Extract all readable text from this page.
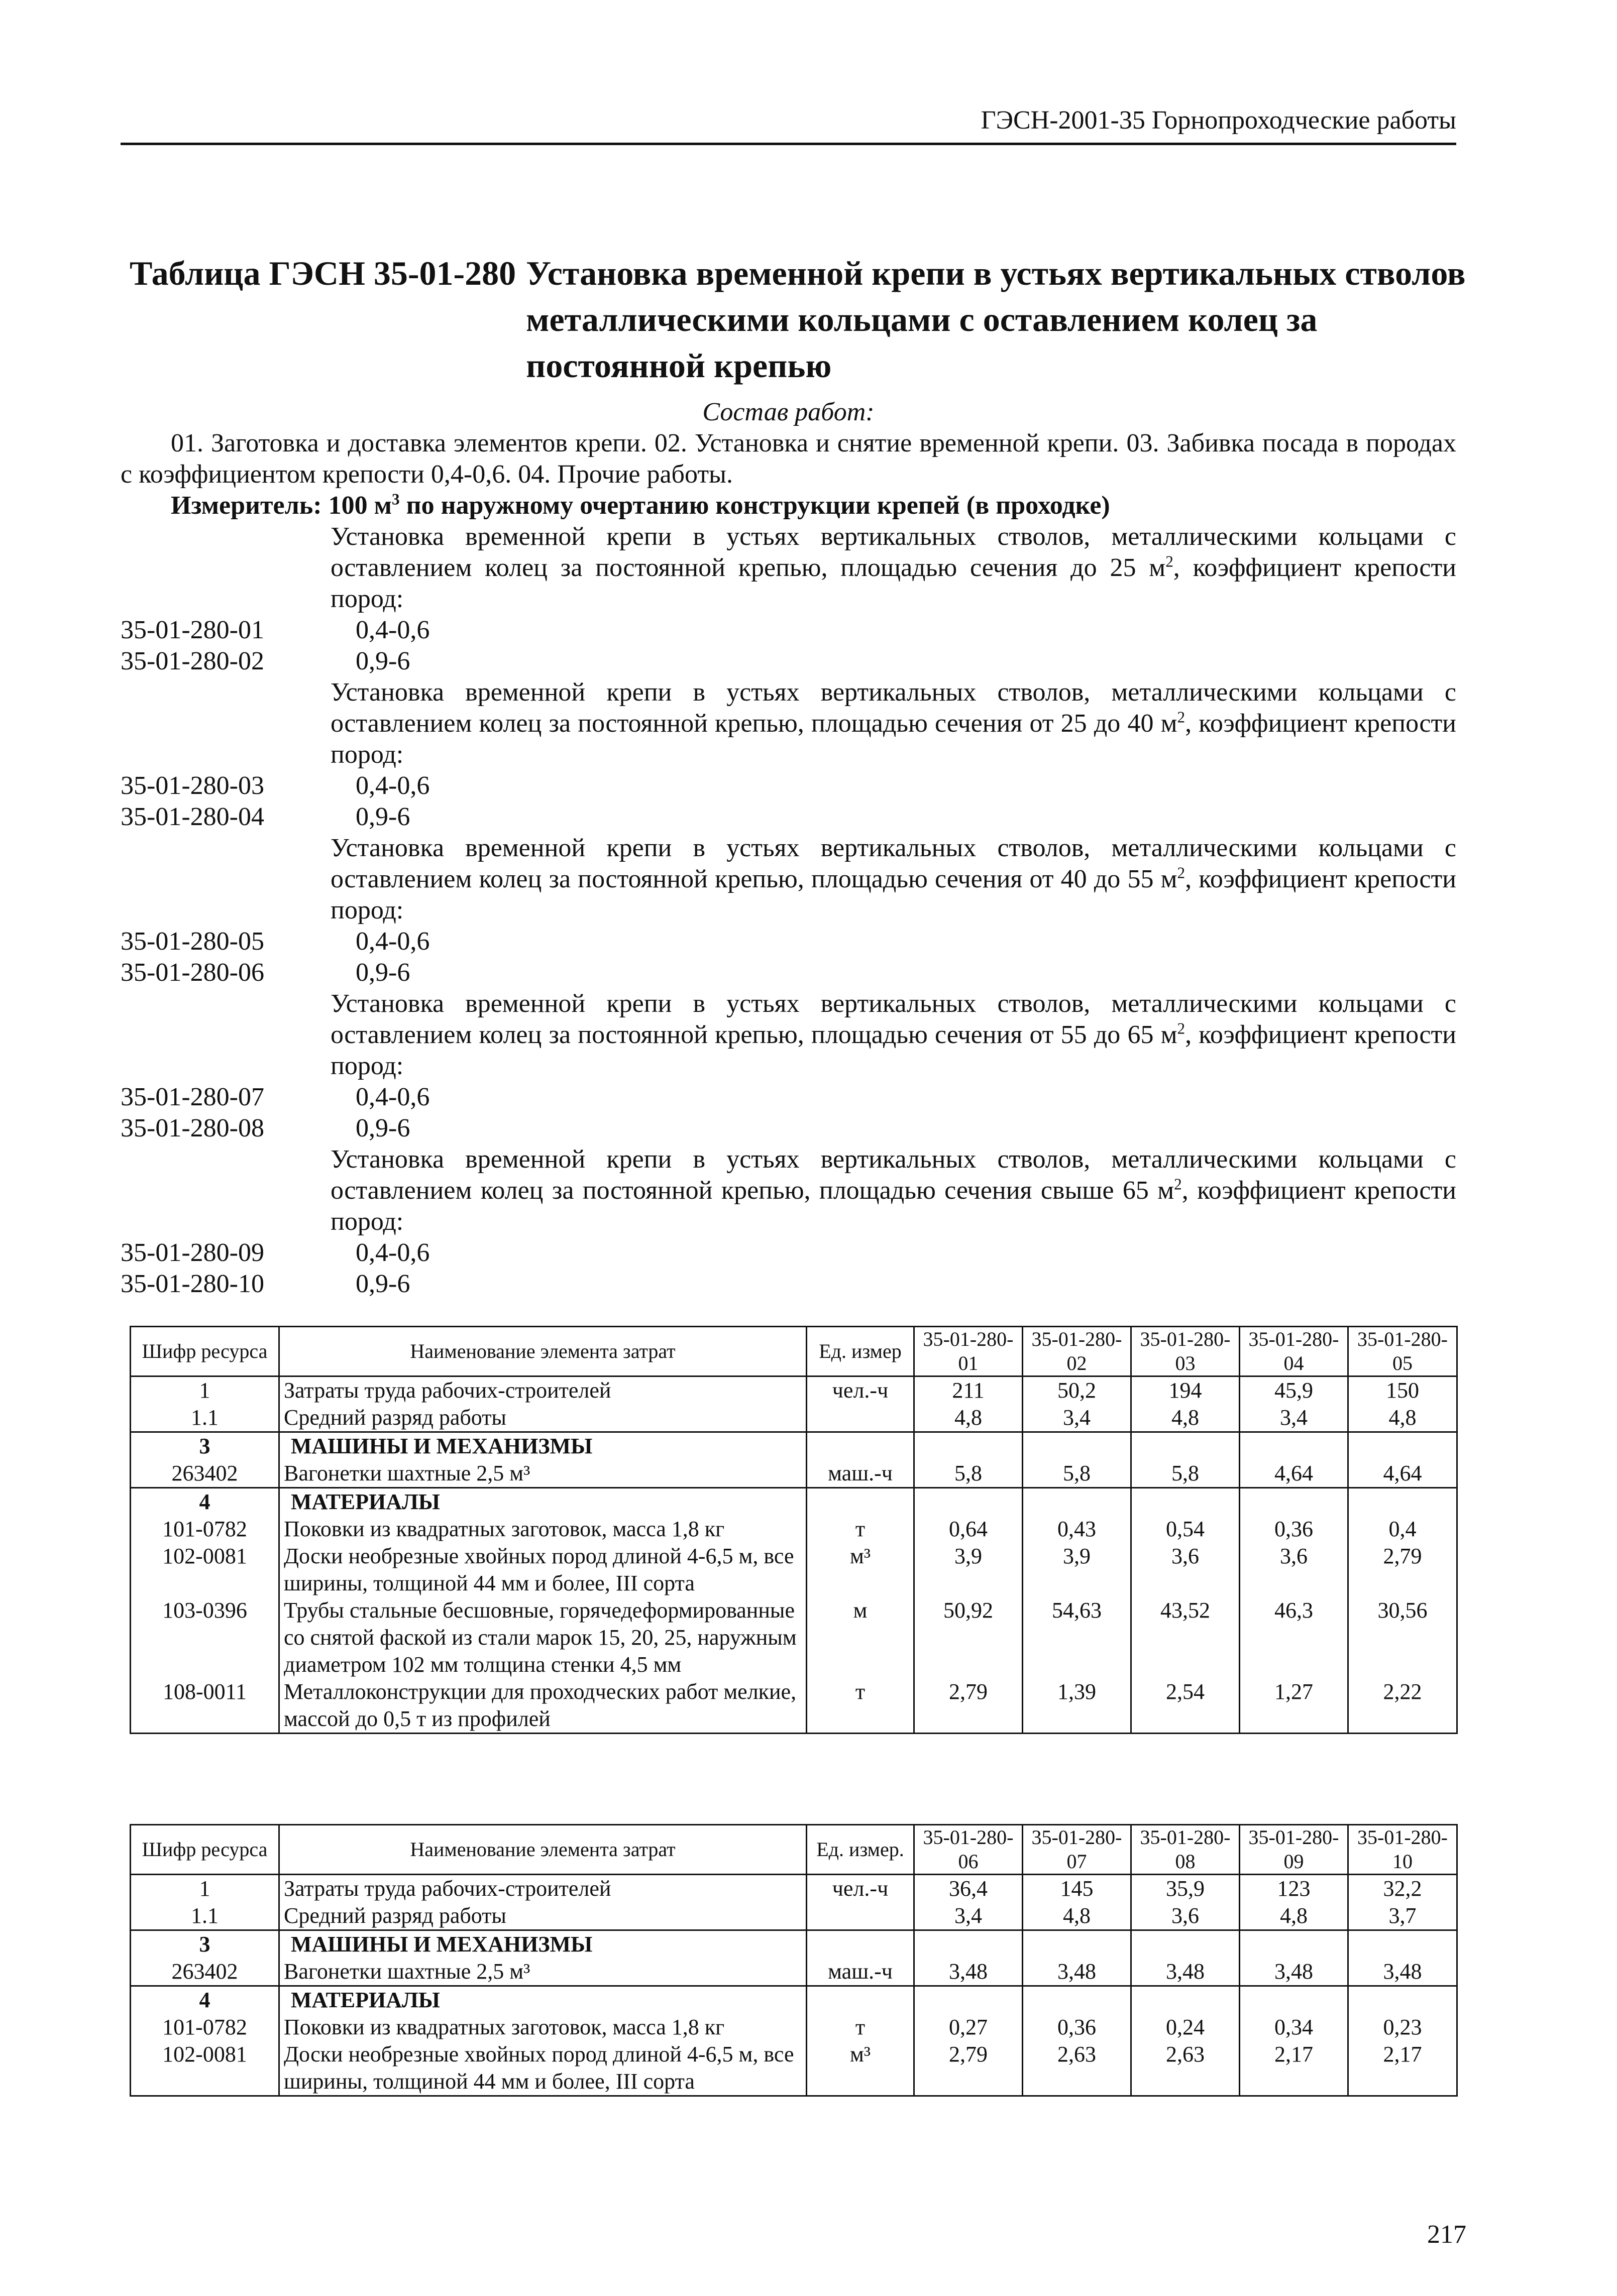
ГЭСН-2001-35 Горнопроходческие работы
Таблица ГЭСН 35-01-280 Установка временной крепи в устьях вертикальных стволов металлическими кольцами с оставлением колец за постоянной крепью
Состав работ:
01. Заготовка и доставка элементов крепи. 02. Установка и снятие временной крепи. 03. Забивка посада в породах с коэффициентом крепости 0,4-0,6. 04. Прочие работы.
Измеритель: 100 $м^3$ по наружному очертанию конструкции крепей (в проходке)
Установка временной крепи в устьях вертикальных стволов, металлическими кольцами с оставлением колец за постоянной крепью, площадью сечения до 25 $м^2$, коэффициент крепости пород:
35-01-280-01	0,4-0,6
35-01-280-02	0,9-6
Установка временной крепи в устьях вертикальных стволов, металлическими кольцами с оставлением колец за постоянной крепью, площадью сечения от 25 до 40 $м^2$, коэффициент крепости пород:
35-01-280-03	0,4-0,6
35-01-280-04	0,9-6
Установка временной крепи в устьях вертикальных стволов, металлическими кольцами с оставлением колец за постоянной крепью, площадью сечения от 40 до 55 $м^2$, коэффициент крепости пород:
35-01-280-05	0,4-0,6
35-01-280-06	0,9-6
Установка временной крепи в устьях вертикальных стволов, металлическими кольцами с оставлением колец за постоянной крепью, площадью сечения от 55 до 65 $м^2$, коэффициент крепости пород:
35-01-280-07	0,4-0,6
35-01-280-08	0,9-6
Установка временной крепи в устьях вертикальных стволов, металлическими кольцами с оставлением колец за постоянной крепью, площадью сечения свыше 65 $м^2$, коэффициент крепости пород:
35-01-280-09	0,4-0,6
35-01-280-10	0,9-6
Шифр ресурса	Наименование элемента затрат	Ед. измер	35-01-280-01	35-01-280-02	35-01-280-03	35-01-280-04	35-01-280-05
1	Затраты труда рабочих-строителей	чел.-ч	211	50,2	194	45,9	150
1.1	Средний разряд работы		4,8	3,4	4,8	3,4	4,8
3	МАШИНЫ И МЕХАНИЗМЫ						
263402	Вагонетки шахтные 2,5 м³	маш.-ч	5,8	5,8	5,8	4,64	4,64
4	МАТЕРИАЛЫ						
101-0782	Поковки из квадратных заготовок, масса 1,8 кг	т	0,64	0,43	0,54	0,36	0,4
102-0081	Доски необрезные хвойных пород длиной 4-6,5 м, все ширины, толщиной 44 мм и более, III сорта	м³	3,9	3,9	3,6	3,6	2,79
103-0396	Трубы стальные бесшовные, горячедеформированные со снятой фаской из стали марок 15, 20, 25, наружным диаметром 102 мм толщина стенки 4,5 мм	м	50,92	54,63	43,52	46,3	30,56
108-0011	Металлоконструкции для проходческих работ мелкие, массой до 0,5 т из профилей	т	2,79	1,39	2,54	1,27	2,22
Шифр ресурса	Наименование элемента затрат	Ед. измер.	35-01-280-06	35-01-280-07	35-01-280-08	35-01-280-09	35-01-280-10
1	Затраты труда рабочих-строителей	чел.-ч	36,4	145	35,9	123	32,2
1.1	Средний разряд работы		3,4	4,8	3,6	4,8	3,7
3	МАШИНЫ И МЕХАНИЗМЫ						
263402	Вагонетки шахтные 2,5 м³	маш.-ч	3,48	3,48	3,48	3,48	3,48
4	МАТЕРИАЛЫ						
101-0782	Поковки из квадратных заготовок, масса 1,8 кг	т	0,27	0,36	0,24	0,34	0,23
102-0081	Доски необрезные хвойных пород длиной 4-6,5 м, все ширины, толщиной 44 мм и более, III сорта	м³	2,79	2,63	2,63	2,17	2,17
217
